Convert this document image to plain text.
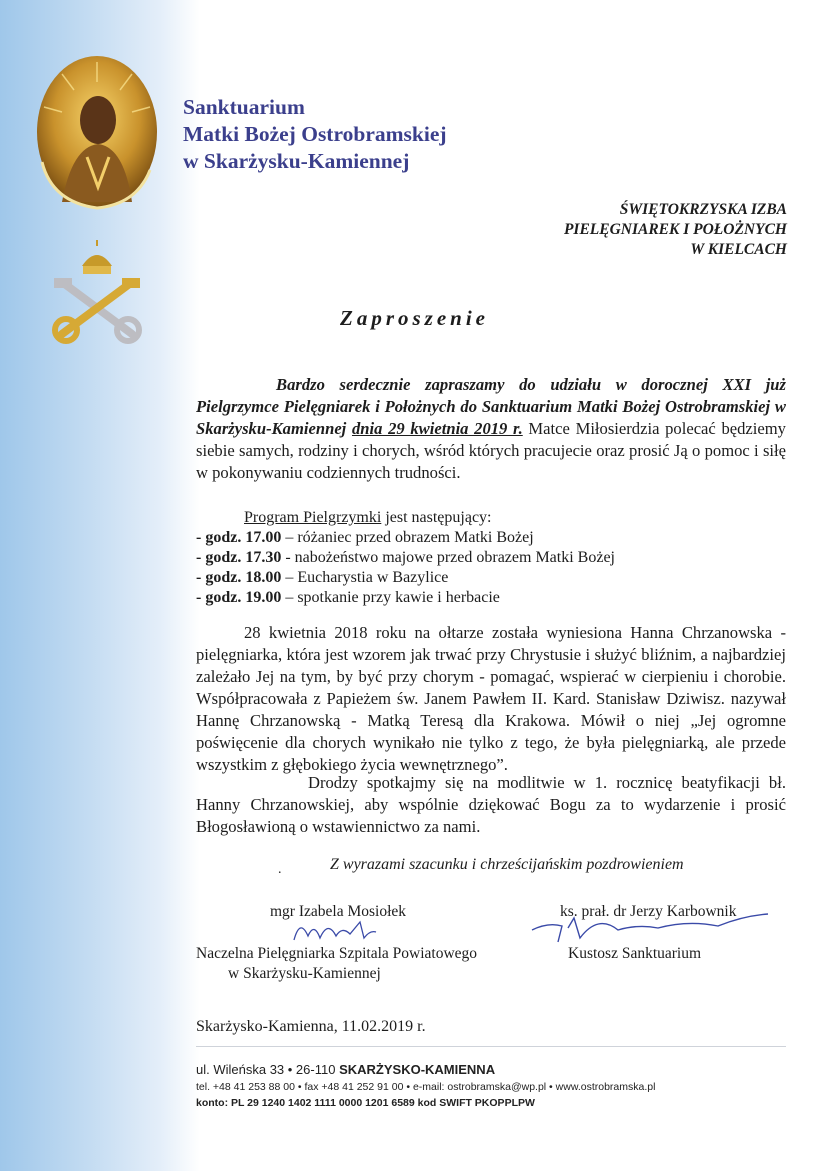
Sanktuarium
Matki Bożej Ostrobramskiej
w Skarżysku-Kamiennej
ŚWIĘTOKRZYSKA IZBA
PIELĘGNIAREK I POŁOŻNYCH
W KIELCACH
Zaproszenie
Bardzo serdecznie zapraszamy do udziału w dorocznej XXI już Pielgrzymce Pielęgniarek i Położnych do Sanktuarium Matki Bożej Ostrobramskiej w Skarżysku-Kamiennej dnia 29 kwietnia 2019 r. Matce Miłosierdzia polecać będziemy siebie samych, rodziny i chorych, wśród których pracujecie oraz prosić Ją o pomoc i siłę w pokonywaniu codziennych trudności.
Program Pielgrzymki jest następujący:
- godz. 17.00 – różaniec przed obrazem Matki Bożej
- godz. 17.30 - nabożeństwo majowe przed obrazem Matki Bożej
- godz. 18.00 – Eucharystia w Bazylice
- godz. 19.00 – spotkanie przy kawie i herbacie
28 kwietnia 2018 roku na ołtarze została wyniesiona Hanna Chrzanowska - pielęgniarka, która jest wzorem jak trwać przy Chrystusie i służyć bliźnim, a najbardziej zależało Jej na tym, by być przy chorym - pomagać, wspierać w cierpieniu i chorobie. Współpracowała z Papieżem św. Janem Pawłem II. Kard. Stanisław Dziwisz. nazywał Hannę Chrzanowską - Matką Teresą dla Krakowa. Mówił o niej „Jej ogromne poświęcenie dla chorych wynikało nie tylko z tego, że była pielęgniarką, ale przede wszystkim z głębokiego życia wewnętrznego”.
Drodzy spotkajmy się na modlitwie w 1. rocznicę beatyfikacji bł. Hanny Chrzanowskiej, aby wspólnie dziękować Bogu za to wydarzenie i prosić Błogosławioną o wstawiennictwo za nami.
.	Z wyrazami szacunku i chrześcijańskim pozdrowieniem
mgr Izabela Mosiołek
Naczelna Pielęgniarka Szpitala Powiatowego
w Skarżysku-Kamiennej
ks. prał. dr Jerzy Karbownik
Kustosz Sanktuarium
Skarżysko-Kamienna, 11.02.2019 r.
ul. Wileńska 33 • 26-110 SKARŻYSKO-KAMIENNA
tel. +48 41 253 88 00 • fax +48 41 252 91 00 • e-mail: ostrobramska@wp.pl • www.ostrobramska.pl
konto: PL 29 1240 1402 1111 0000 1201 6589 kod SWIFT PKOPPLPW
